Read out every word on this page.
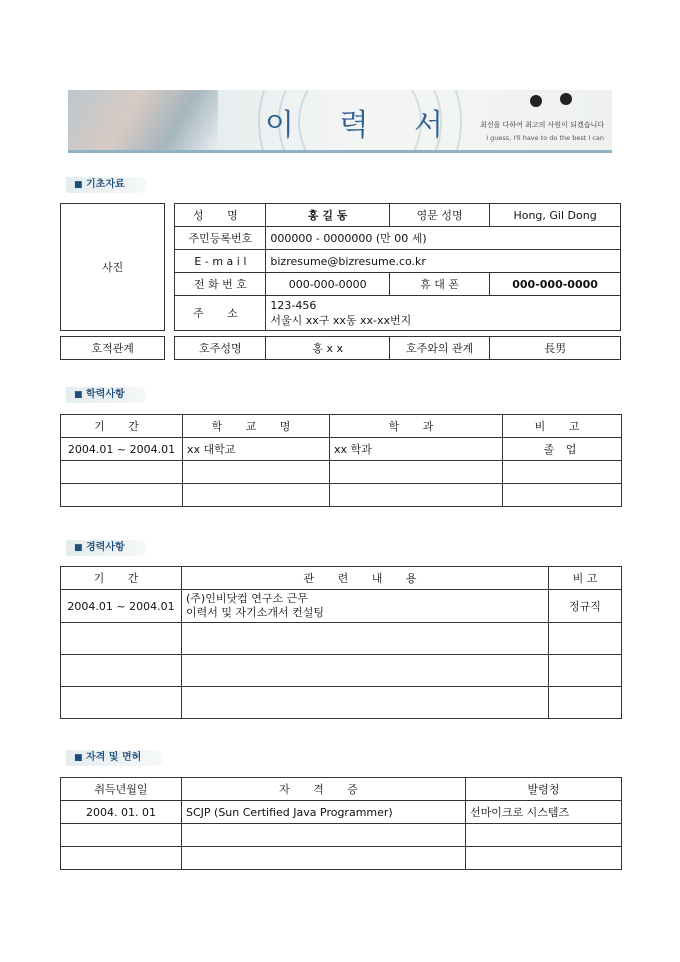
이 력 서	최선을 다하여 최고의 사원이 되겠습니다
I guess, I'll have to do the best I can
■ 기초자료
사진		성 명	홍 길 동	영문 성명	Hong, Gil Dong
		주민등록번호	000000 - 0000000 (만 00 세)		
		E - m a i l	bizresume@bizresume.co.kr		
		전 화 번 호	000-000-0000	휴 대 폰	000-000-0000
		주 소	123-456
서울시 xx구 xx동 xx-xx번지		
호적관계		호주성명	홍 x x	호주와의 관계	長男
■ 학력사항
기 간	학 교 명	학 과	비 고
2004.01 ~ 2004.01	xx 대학교	xx 학과	졸 업

■ 경력사항
기 간	관 련 내 용	비 고
2004.01 ~ 2004.01	(주)인비닷컴 연구소 근무
이력서 및 자기소개서 컨설팅	정규직

■ 자격 및 면허
취득년월일	자 격 증	발령청
2004. 01. 01	SCJP (Sun Certified Java Programmer)	선마이크로 시스템즈
